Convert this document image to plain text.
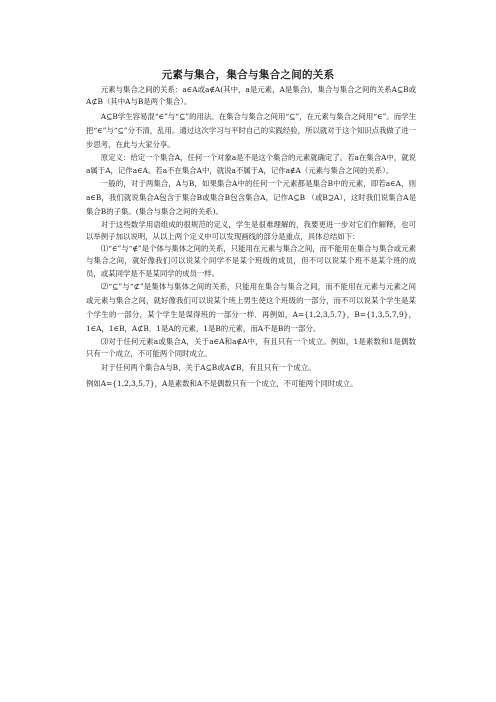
元素与集合，集合与集合之间的关系

元素与集合之间的关系：a∈A或a∉A(其中，a是元素，A是集合)，集合与集合之间的关系A⊆B或A⊄B（其中A与B是两个集合）。

A⊆B学生容易混“∈”与“⊆”的用法。在集合与集合之间用“⊆”，在元素与集合之间用“∈”。而学生把“∈”与“⊆”分不清，乱用。通过这次学习与平时自己的实践经验，所以就对于这个知识点我做了进一步思考，在此与大家分享。

原定义：给定一个集合A，任何一个对象a是不是这个集合的元素就确定了。若a在集合A中，就说a属于A，记作a∈A。若a不在集合A中，就说a不属于A，记作a∉A（元素与集合之间的关系）。

一般的，对于两集合，A与B，如果集合A中的任何一个元素都是集合B中的元素，即若a∈A，则a∈B，我们就说集合A包含于集合B或集合B包含集合A，记作A⊆B （或B⊇A），这时我们说集合A是集合B的子集。(集合与集合之间的关系)。

对于这些数学用语组成的很规范的定义，学生是很难理解的，我要更进一步对它们作解释，也可以举例子加以说明，从以上两个定义中可以发现画线的部分是重点，具体总结如下：

⑴“∈”与“∉”是个体与集体之间的关系，只能用在元素与集合之间，而不能用在集合与集合或元素与集合之间，就好像我们可以说某个同学不是某个班级的成员，但不可以说某个班不是某个班的成员，或某同学是不是某同学的成员一样。

⑵“⊆”与“⊄”是集体与集体之间的关系，只能用在集合与集合之间，而不能用在元素与元素之间或元素与集合之间，就好像我们可以说某个班上男生使这个班级的一部分，而不可以说某个学生是某个学生的一部分，某个学生是谋得班的一部分一样．再例如，A={1,2,3,5,7}，B={1,3,5,7,9}，1∈A，1∈B，A⊄B．1是A的元素，1是B的元素，而A不是B的一部分。

⑶对于任何元素a或集合A，关于a∈A和a∉A中，有且只有一个成立。例如，1是素数和1是偶数只有一个成立，不可能两个同时成立。

对于任何两个集合A与B，关于A⊆B或A⊄B，有且只有一个成立。

例如A={1,2,3,5,7}，A是素数和A不是偶数只有一个成立，不可能两个同时成立。
